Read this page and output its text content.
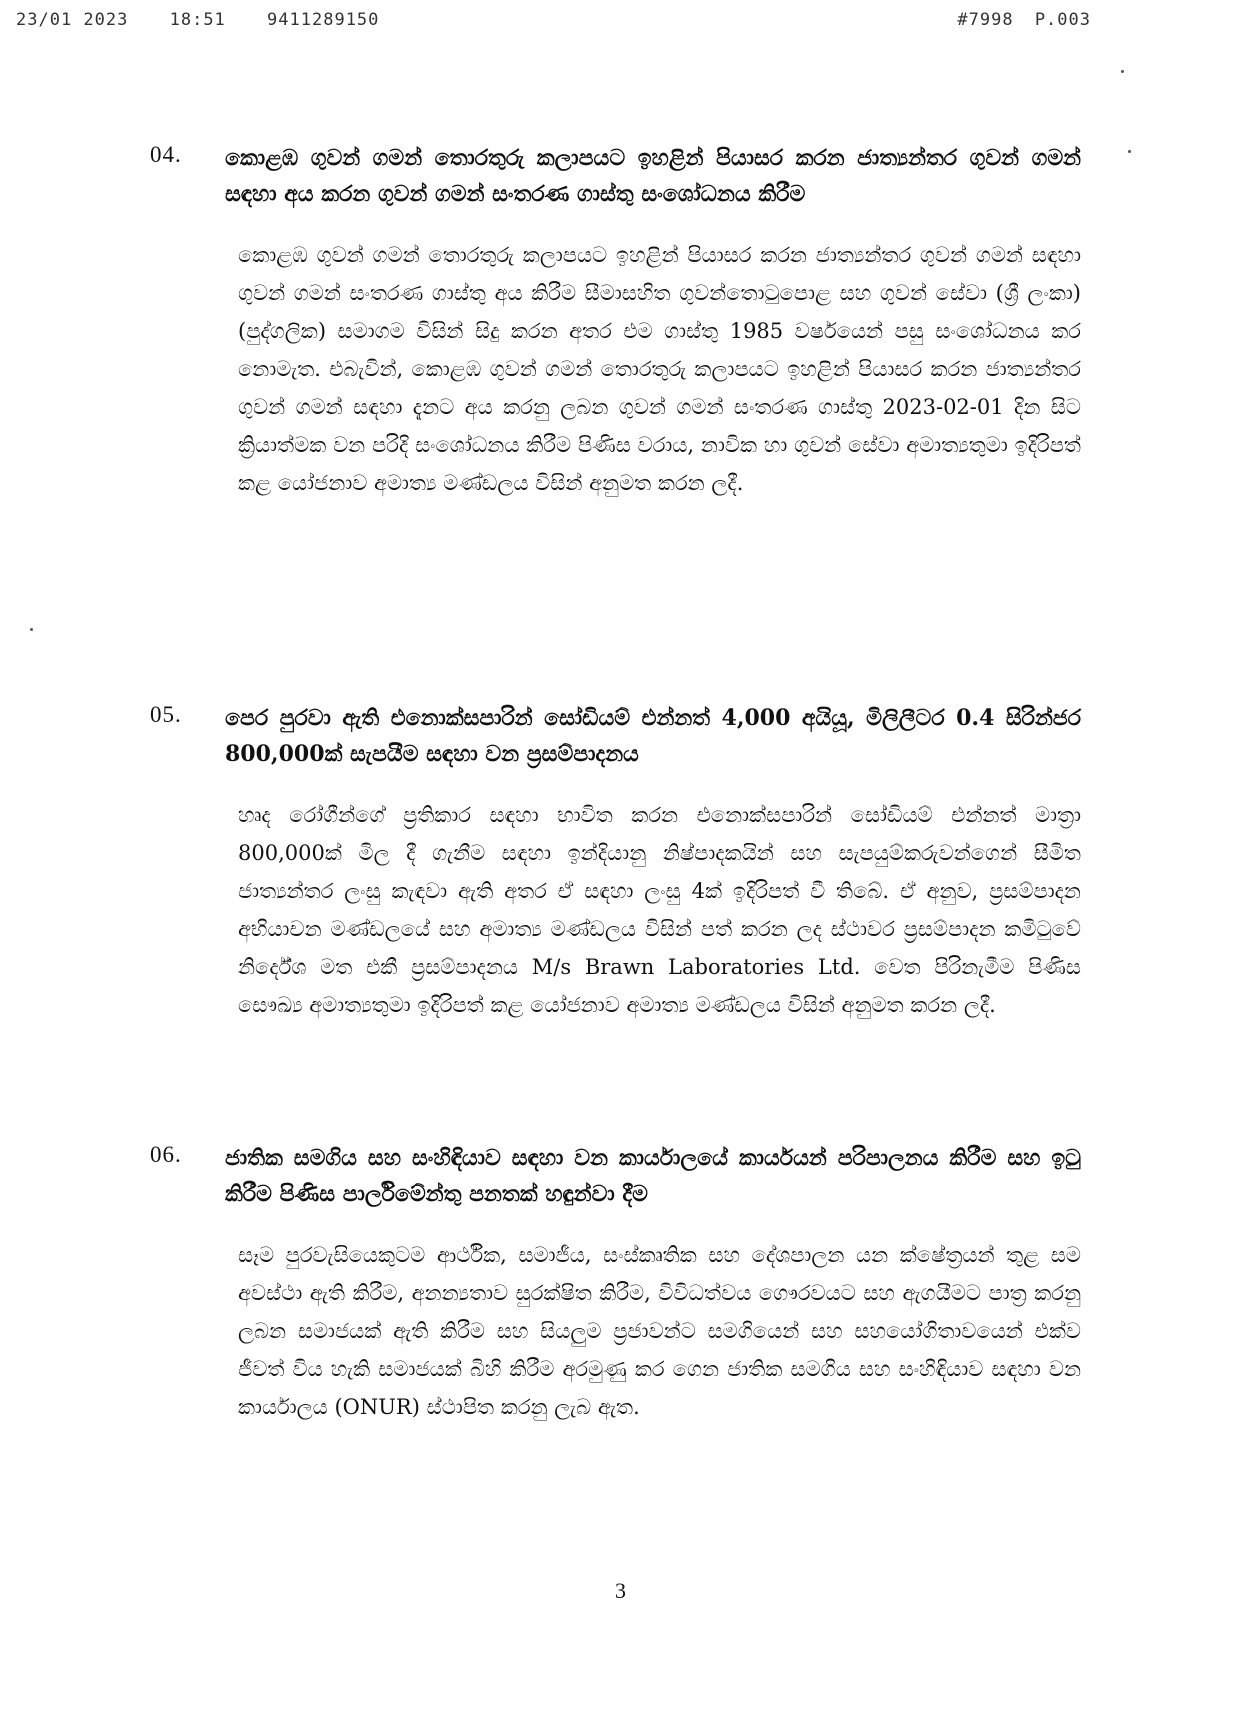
23/01 2023 18:51 9411289150	#7998 P.003
04.	කොළඹ ගුවන් ගමන් තොරතුරු කලාපයට ඉහළින් පියාසර කරන ජාත්‍යන්තර ගුවන් ගමන් සඳහා අය කරන ගුවන් ගමන් සංතරණ ගාස්තු සංශෝධනය කිරීම
කොළඹ ගුවන් ගමන් තොරතුරු කලාපයට ඉහළින් පියාසර කරන ජාත්‍යන්තර ගුවන් ගමන් සඳහා ගුවන් ගමන් සංතරණ ගාස්තු අය කිරීම සීමාසහිත ගුවන්තොටුපොළ සහ ගුවන් සේවා (ශ්‍රී ලංකා) (පුද්ගලික) සමාගම විසින් සිදු කරන අතර එම ගාස්තු 1985 වර්ෂයෙන් පසු සංශෝධනය කර නොමැත. එබැවින්, කොළඹ ගුවන් ගමන් තොරතුරු කලාපයට ඉහළින් පියාසර කරන ජාත්‍යන්තර ගුවන් ගමන් සඳහා දැනට අය කරනු ලබන ගුවන් ගමන් සංතරණ ගාස්තු 2023-02-01 දින සිට ක්‍රියාත්මක වන පරිදි සංශෝධනය කිරීම පිණිස වරාය, නාවික හා ගුවන් සේවා අමාත්‍යතුමා ඉදිරිපත් කළ යෝජනාව අමාත්‍ය මණ්ඩලය විසින් අනුමත කරන ලදී.
05.	පෙර පුරවා ඇති එනොක්සපාරින් සෝඩියම් එන්නත් 4,000 අයියූ, මිලිලීටර 0.4 සිරින්ජර 800,000ක් සැපයීම සඳහා වන ප්‍රසම්පාදනය
හෘද රෝගීන්ගේ ප්‍රතිකාර සඳහා භාවිත කරන එනොක්සපාරින් සෝඩියම් එන්නත් මාත්‍රා 800,000ක් මිල දී ගැනීම සඳහා ඉන්දියානු නිෂ්පාදකයින් සහ සැපයුම්කරුවන්ගෙන් සීමිත ජාත්‍යන්තර ලංසු කැඳවා ඇති අතර ඒ සඳහා ලංසු 4ක් ඉදිරිපත් වී තිබේ. ඒ අනුව, ප්‍රසම්පාදන අභියාචන මණ්ඩලයේ සහ අමාත්‍ය මණ්ඩලය විසින් පත් කරන ලද ස්ථාවර ප්‍රසම්පාදන කමිටුවේ නිර්දේශ මත එකී ප්‍රසම්පාදනය M/s Brawn Laboratories Ltd. වෙත පිරිනැමීම පිණිස සෞඛ්‍ය අමාත්‍යතුමා ඉදිරිපත් කළ යෝජනාව අමාත්‍ය මණ්ඩලය විසින් අනුමත කරන ලදී.
06.	ජාතික සමගිය සහ සංහිඳියාව සඳහා වන කාර්යාලයේ කාර්යයන් පරිපාලනය කිරීම සහ ඉටු කිරීම පිණිස පාර්ලිමේන්තු පනතක් හඳුන්වා දීම
සෑම පුරවැසියෙකුටම ආර්ථික, සමාජීය, සංස්කෘතික සහ දේශපාලන යන ක්ෂේත්‍රයන් තුළ සම අවස්ථා ඇති කිරීම, අනන්‍යතාව සුරක්ෂිත කිරීම, විවිධත්වය ගෞරවයට සහ ඇගයීමට පාත්‍ර කරනු ලබන සමාජයක් ඇති කිරීම සහ සියලුම ප්‍රජාවන්ට සමගියෙන් සහ සහයෝගිතාවයෙන් එක්ව ජීවත් විය හැකි සමාජයක් බිහි කිරීම අරමුණු කර ගෙන ජාතික සමගිය සහ සංහිඳියාව සඳහා වන කාර්යාලය (ONUR) ස්ථාපිත කරනු ලැබ ඇත.
3
